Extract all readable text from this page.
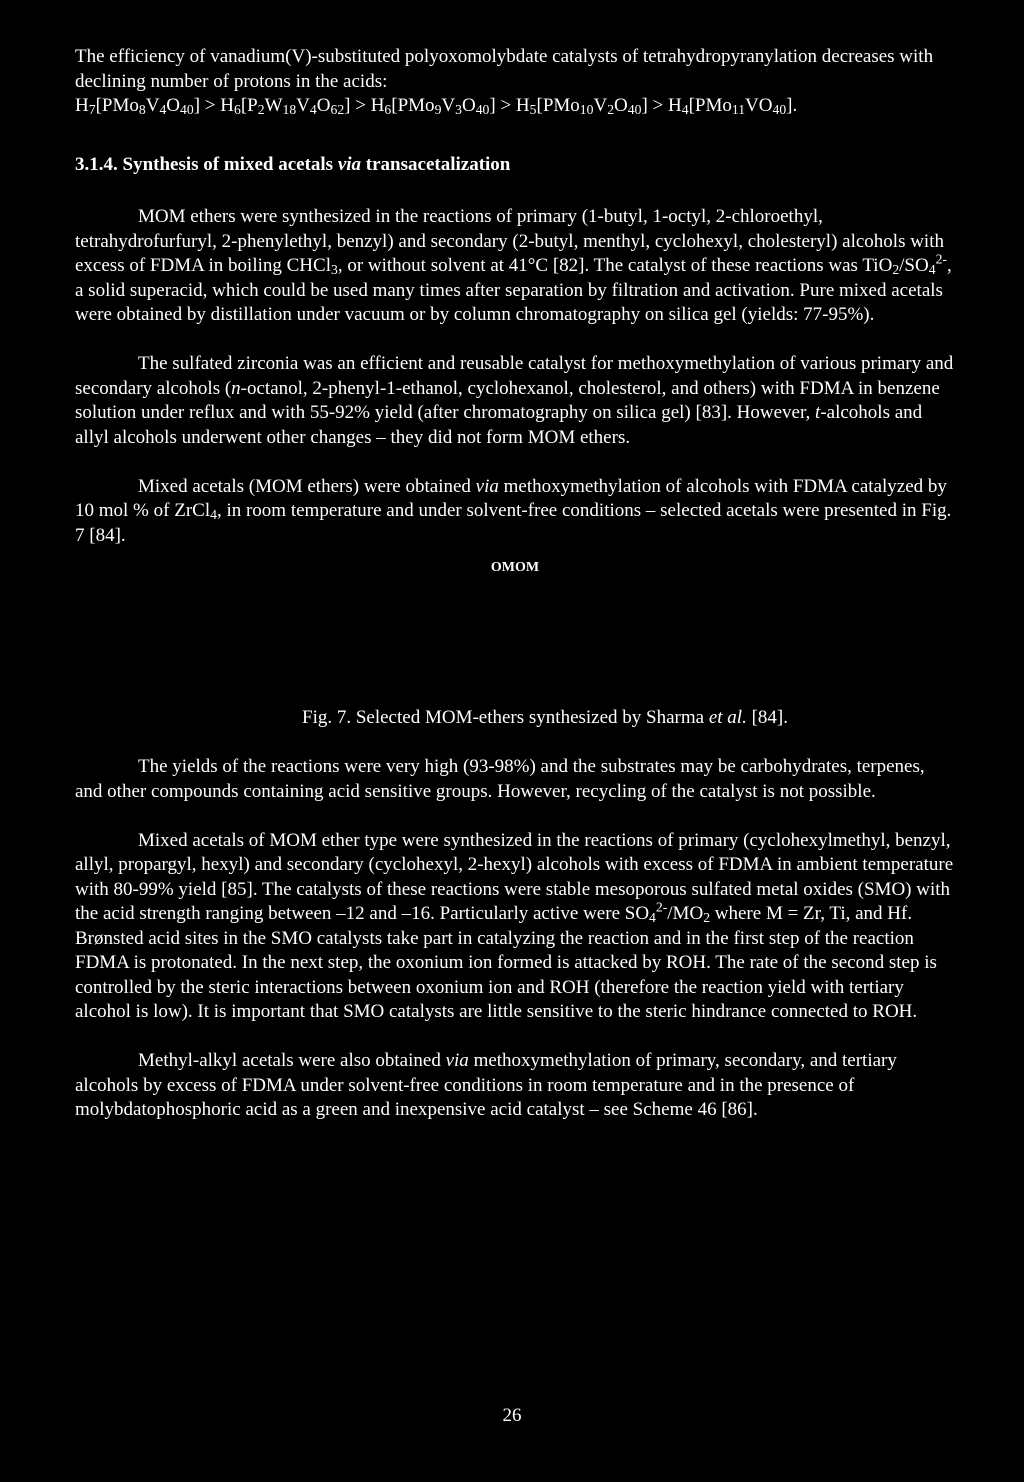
The efficiency of vanadium(V)-substituted polyoxomolybdate catalysts of tetrahydropyranylation decreases with declining number of protons in the acids:
$H_7[PMo_8V_4O_{40}] > H_6[P_2W_{18}V_4O_{62}] > H_6[PMo_9V_3O_{40}] > H_5[PMo_{10}V_2O_{40}] > H_4[PMo_{11}VO_{40}]$.

3.1.4. Synthesis of mixed acetals via transacetalization

MOM ethers were synthesized in the reactions of primary (1-butyl, 1-octyl, 2-chloroethyl, tetrahydrofurfuryl, 2-phenylethyl, benzyl) and secondary (2-butyl, menthyl, cyclohexyl, cholesteryl) alcohols with excess of FDMA in boiling CHCl$_3$, or without solvent at 41°C [82]. The catalyst of these reactions was $TiO_2/SO_4^{2-}$, a solid superacid, which could be used many times after separation by filtration and activation. Pure mixed acetals were obtained by distillation under vacuum or by column chromatography on silica gel (yields: 77-95%).

The sulfated zirconia was an efficient and reusable catalyst for methoxymethylation of various primary and secondary alcohols (n-octanol, 2-phenyl-1-ethanol, cyclohexanol, cholesterol, and others) with FDMA in benzene solution under reflux and with 55-92% yield (after chromatography on silica gel) [83]. However, t-alcohols and allyl alcohols underwent other changes – they did not form MOM ethers.

Mixed acetals (MOM ethers) were obtained via methoxymethylation of alcohols with FDMA catalyzed by 10 mol % of ZrCl$_4$, in room temperature and under solvent-free conditions – selected acetals were presented in Fig. 7 [84].

OMOM

Fig. 7. Selected MOM-ethers synthesized by Sharma et al. [84].

The yields of the reactions were very high (93-98%) and the substrates may be carbohydrates, terpenes, and other compounds containing acid sensitive groups. However, recycling of the catalyst is not possible.

Mixed acetals of MOM ether type were synthesized in the reactions of primary (cyclohexylmethyl, benzyl, allyl, propargyl, hexyl) and secondary (cyclohexyl, 2-hexyl) alcohols with excess of FDMA in ambient temperature with 80-99% yield [85]. The catalysts of these reactions were stable mesoporous sulfated metal oxides (SMO) with the acid strength ranging between –12 and –16. Particularly active were $SO_4^{2-}/MO_2$ where M = Zr, Ti, and Hf. Brønsted acid sites in the SMO catalysts take part in catalyzing the reaction and in the first step of the reaction FDMA is protonated. In the next step, the oxonium ion formed is attacked by ROH. The rate of the second step is controlled by the steric interactions between oxonium ion and ROH (therefore the reaction yield with tertiary alcohol is low). It is important that SMO catalysts are little sensitive to the steric hindrance connected to ROH.

Methyl-alkyl acetals were also obtained via methoxymethylation of primary, secondary, and tertiary alcohols by excess of FDMA under solvent-free conditions in room temperature and in the presence of molybdatophosphoric acid as a green and inexpensive acid catalyst – see Scheme 46 [86].

26
